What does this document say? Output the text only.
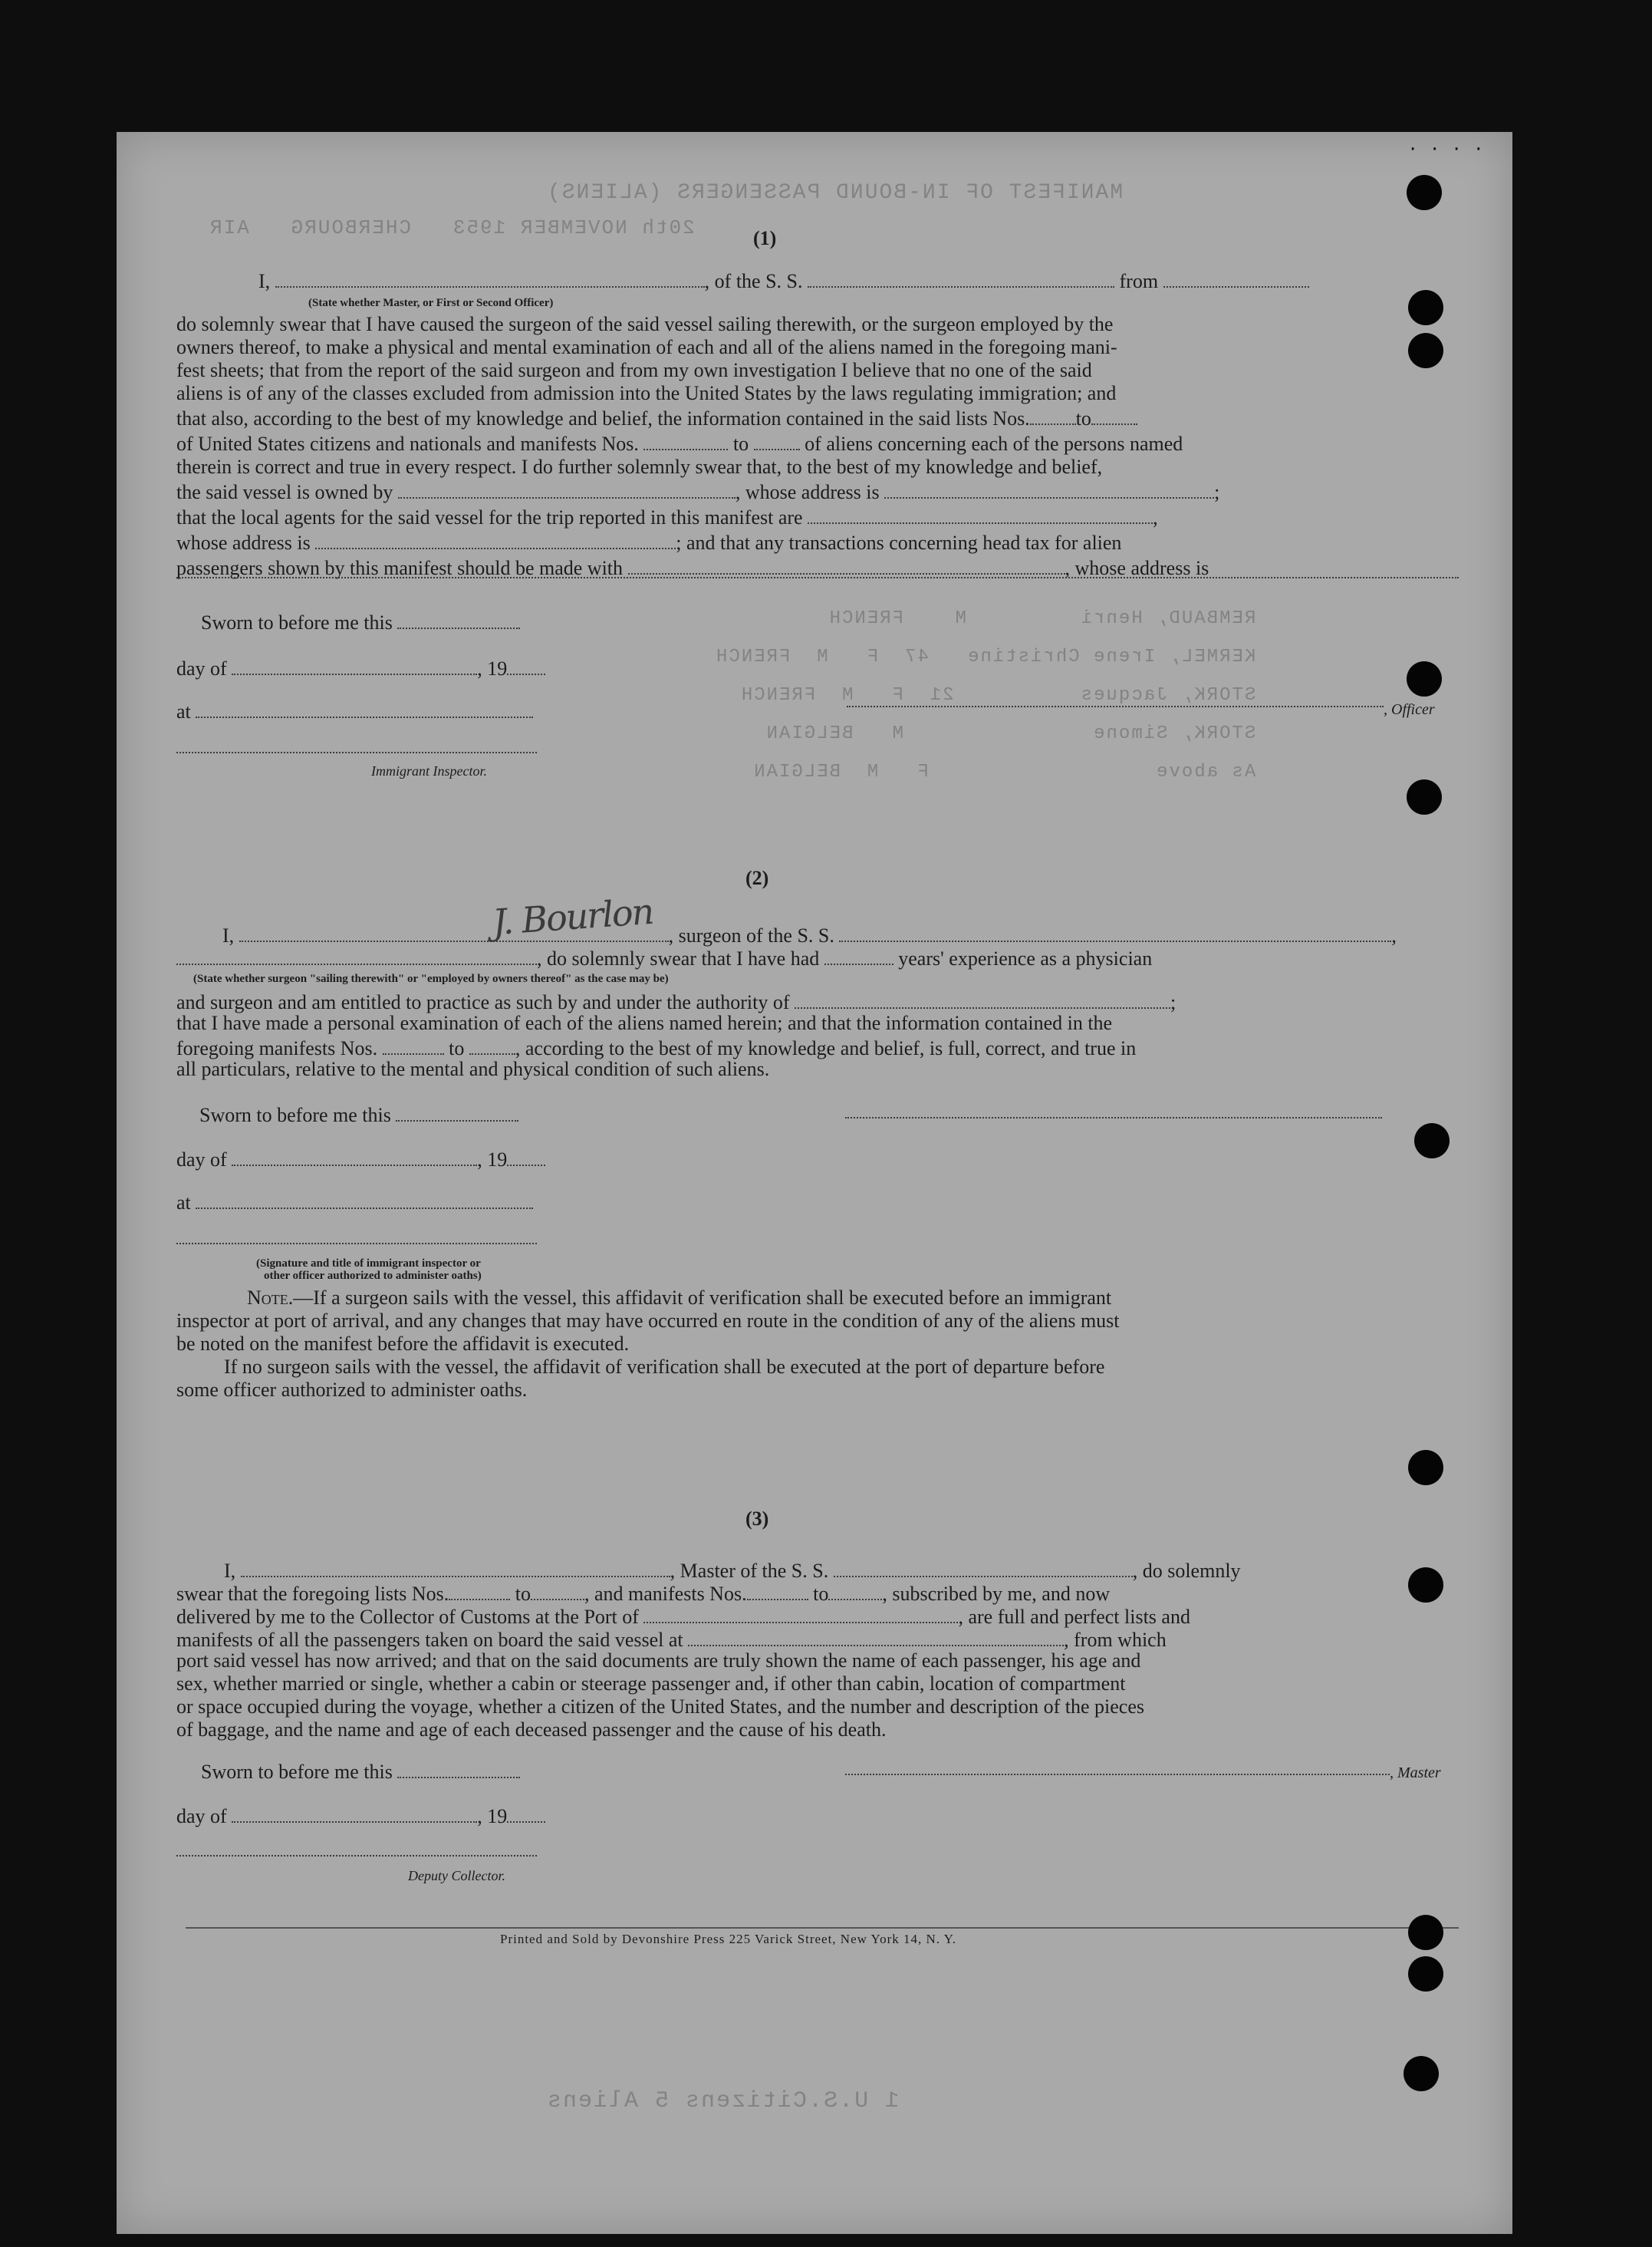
MANIFEST OF IN-BOUND PASSENGERS (ALIENS)
20th NOVEMBER 1953   CHERBOURG   AIR
REMBAUD, Henri         M    FRENCH
KERMEL, Irene Christine   47  F   M  FRENCH
STORK, Jacques          21  F   M  FRENCH
STORK, Simone               M   BELGIAN
As above                  F   M  BELGIAN
(1)
I,	, of the S. S.	from
(State whether Master, or First or Second Officer)

do solemnly swear that I have caused the surgeon of the said vessel sailing therewith, or the surgeon employed by the

owners thereof, to make a physical and mental examination of each and all of the aliens named in the foregoing mani-

fest sheets; that from the report of the said surgeon and from my own investigation I believe that no one of the said

aliens is of any of the classes excluded from admission into the United States by the laws regulating immigration; and

that also, according to the best of my knowledge and belief, the information contained in the said lists Nos. to

of United States citizens and nationals and manifests Nos.	to	of aliens concerning each of the persons named

therein is correct and true in every respect. I do further solemnly swear that, to the best of my knowledge and belief,

the said vessel is owned by	, whose address is	;

that the local agents for the said vessel for the trip reported in this manifest are	,

whose address is	; and that any transactions concerning head tax for alien

passengers shown by this manifest should be made with	, whose address is

Sworn to before me this
day of	, 19
at	, Officer
Immigrant Inspector.
(2)
I,	, surgeon of the S. S.	,
J. Bourlon
, do solemnly swear that I have had	years' experience as a physician
(State whether surgeon "sailing therewith" or "employed by owners thereof" as the case may be)
and surgeon and am entitled to practice as such by and under the authority of	;
that I have made a personal examination of each of the aliens named herein; and that the information contained in the
foregoing manifests Nos.	to	, according to the best of my knowledge and belief, is full, correct, and true in
all particulars, relative to the mental and physical condition of such aliens.
Sworn to before me this
day of	, 19
at
(Signature and title of immigrant inspector or
other officer authorized to administer oaths)
Note.—If a surgeon sails with the vessel, this affidavit of verification shall be executed before an immigrant
inspector at port of arrival, and any changes that may have occurred en route in the condition of any of the aliens must
be noted on the manifest before the affidavit is executed.
If no surgeon sails with the vessel, the affidavit of verification shall be executed at the port of departure before
some officer authorized to administer oaths.
(3)
I,	, Master of the S. S.	, do solemnly
swear that the foregoing lists Nos.	to	, and manifests Nos.	to	, subscribed by me, and now
delivered by me to the Collector of Customs at the Port of	, are full and perfect lists and
manifests of all the passengers taken on board the said vessel at	, from which
port said vessel has now arrived; and that on the said documents are truly shown the name of each passenger, his age and
sex, whether married or single, whether a cabin or steerage passenger and, if other than cabin, location of compartment
or space occupied during the voyage, whether a citizen of the United States, and the number and description of the pieces
of baggage, and the name and age of each deceased passenger and the cause of his death.
Sworn to before me this	, Master
day of	, 19
Deputy Collector.
Printed and Sold by Devonshire Press 225 Varick Street, New York 14, N. Y.
1 U.S.Citizens 5 Aliens
· · · ·
